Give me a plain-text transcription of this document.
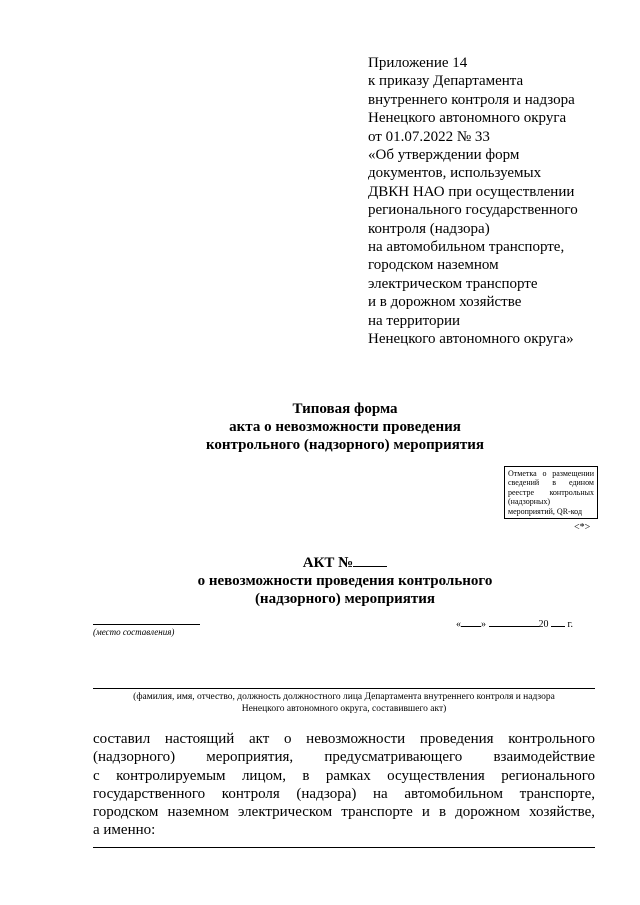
Приложение 14
к приказу Департамента
внутреннего контроля и надзора
Ненецкого автономного округа
от 01.07.2022 № 33
«Об утверждении форм
документов, используемых
ДВКН НАО при осуществлении
регионального государственного
контроля (надзора)
на автомобильном транспорте,
городском наземном
электрическом транспорте
и в дорожном хозяйстве
на территории
Ненецкого автономного округа»
Типовая форма
акта о невозможности проведения
контрольного (надзорного) мероприятия
Отметка о размещении сведений в едином реестре контрольных (надзорных) мероприятий, QR-код
<*>
АКТ №
о невозможности проведения контрольного
(надзорного) мероприятия
(место составления)
« »	20 г.
(фамилия, имя, отчество, должность должностного лица Департамента внутреннего контроля и надзора
Ненецкого автономного округа, составившего акт)
составил настоящий акт о невозможности проведения контрольного
(надзорного) мероприятия, предусматривающего взаимодействие
с контролируемым лицом, в рамках осуществления регионального
государственного контроля (надзора) на автомобильном транспорте,
городском наземном электрическом транспорте и в дорожном хозяйстве,
а именно:
